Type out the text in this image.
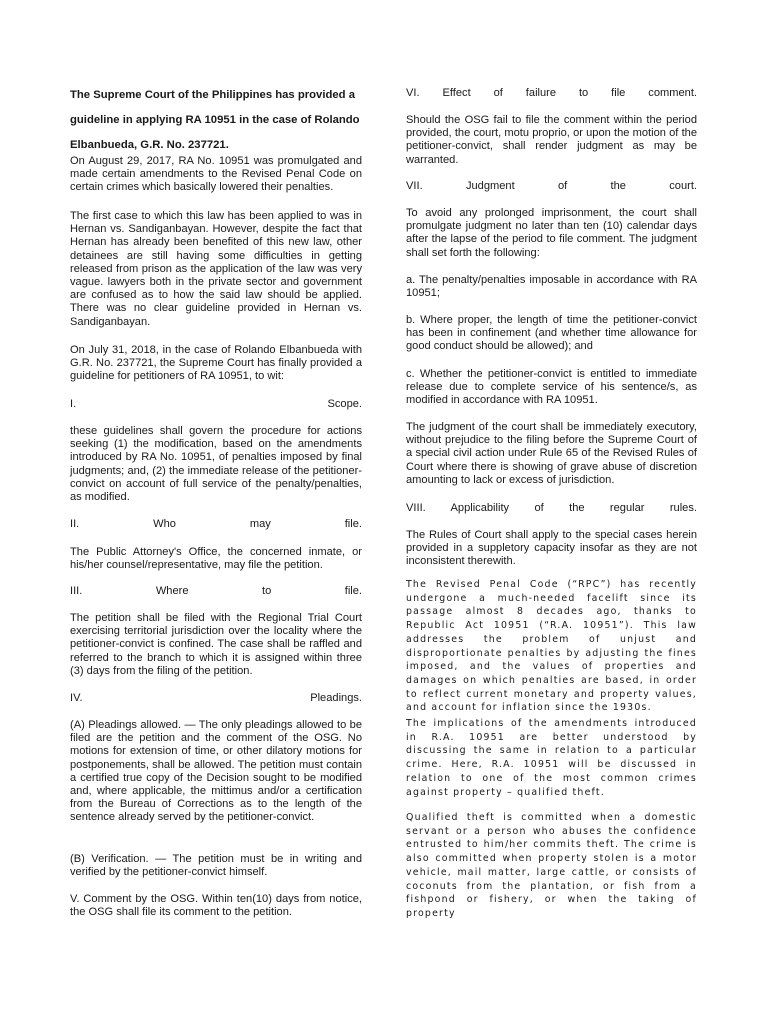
The Supreme Court of the Philippines has provided a guideline in applying RA 10951 in the case of Rolando Elbanbueda, G.R. No. 237721.

On August 29, 2017, RA No. 10951 was promulgated and made certain amendments to the Revised Penal Code on certain crimes which basically lowered their penalties.

The first case to which this law has been applied to was in Hernan vs. Sandiganbayan. However, despite the fact that Hernan has already been benefited of this new law, other detainees are still having some difficulties in getting released from prison as the application of the law was very vague. lawyers both in the private sector and government are confused as to how the said law should be applied. There was no clear guideline provided in Hernan vs. Sandiganbayan.

On July 31, 2018, in the case of Rolando Elbanbueda with G.R. No. 237721, the Supreme Court has finally provided a guideline for petitioners of RA 10951, to wit:

I. Scope.

these guidelines shall govern the procedure for actions seeking (1) the modification, based on the amendments introduced by RA No. 10951, of penalties imposed by final judgments; and, (2) the immediate release of the petitioner-convict on account of full service of the penalty/penalties, as modified.

II. Who may file.

The Public Attorney's Office, the concerned inmate, or his/her counsel/representative, may file the petition.

III. Where to file.

The petition shall be filed with the Regional Trial Court exercising territorial jurisdiction over the locality where the petitioner-convict is confined. The case shall be raffled and referred to the branch to which it is assigned within three (3) days from the filing of the petition.

IV. Pleadings.

(A) Pleadings allowed. — The only pleadings allowed to be filed are the petition and the comment of the OSG. No motions for extension of time, or other dilatory motions for postponements, shall be allowed. The petition must contain a certified true copy of the Decision sought to be modified and, where applicable, the mittimus and/or a certification from the Bureau of Corrections as to the length of the sentence already served by the petitioner-convict.

(B) Verification. — The petition must be in writing and verified by the petitioner-convict himself.

V. Comment by the OSG. Within ten(10) days from notice, the OSG shall file its comment to the petition.

VI. Effect of failure to file comment.

Should the OSG fail to file the comment within the period provided, the court, motu proprio, or upon the motion of the petitioner-convict, shall render judgment as may be warranted.

VII. Judgment of the court.

To avoid any prolonged imprisonment, the court shall promulgate judgment no later than ten (10) calendar days after the lapse of the period to file comment. The judgment shall set forth the following:

a. The penalty/penalties imposable in accordance with RA 10951;

b. Where proper, the length of time the petitioner-convict has been in confinement (and whether time allowance for good conduct should be allowed); and

c. Whether the petitioner-convict is entitled to immediate release due to complete service of his sentence/s, as modified in accordance with RA 10951.

The judgment of the court shall be immediately executory, without prejudice to the filing before the Supreme Court of a special civil action under Rule 65 of the Revised Rules of Court where there is showing of grave abuse of discretion amounting to lack or excess of jurisdiction.

VIII. Applicability of the regular rules.

The Rules of Court shall apply to the special cases herein provided in a suppletory capacity insofar as they are not inconsistent therewith.

The Revised Penal Code (“RPC”) has recently undergone a much-needed facelift since its passage almost 8 decades ago, thanks to Republic Act 10951 (“R.A. 10951”). This law addresses the problem of unjust and disproportionate penalties by adjusting the fines imposed, and the values of properties and damages on which penalties are based, in order to reflect current monetary and property values, and account for inflation since the 1930s.

The implications of the amendments introduced in R.A. 10951 are better understood by discussing the same in relation to a particular crime. Here, R.A. 10951 will be discussed in relation to one of the most common crimes against property – qualified theft.

Qualified theft is committed when a domestic servant or a person who abuses the confidence entrusted to him/her commits theft. The crime is also committed when property stolen is a motor vehicle, mail matter, large cattle, or consists of coconuts from the plantation, or fish from a fishpond or fishery, or when the taking of property
